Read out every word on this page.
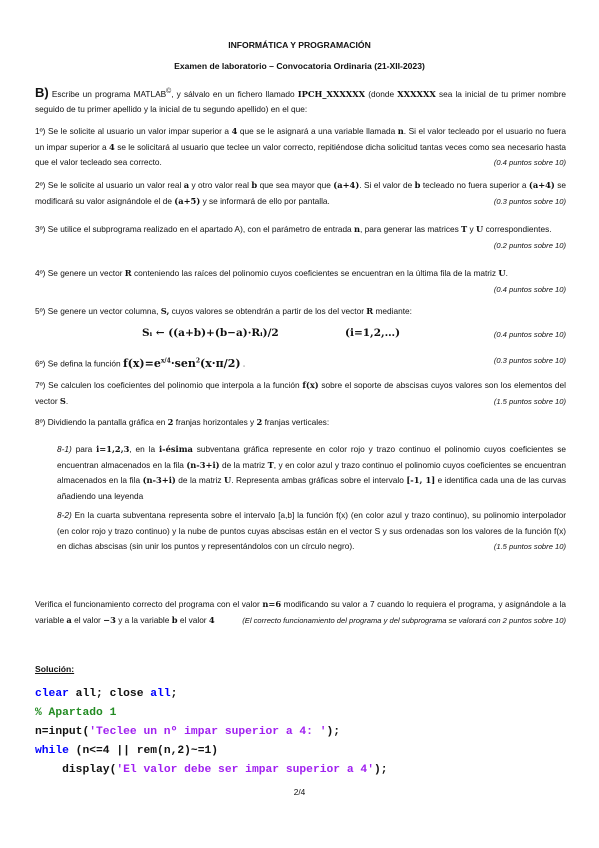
INFORMÁTICA Y PROGRAMACIÓN
Examen de laboratorio – Convocatoria Ordinaria (21-XII-2023)
B) Escribe un programa MATLAB©, y sálvalo en un fichero llamado IPCH_XXXXXX (donde XXXXXX sea la inicial de tu primer nombre seguido de tu primer apellido y la inicial de tu segundo apellido) en el que:
1º) Se le solicite al usuario un valor impar superior a 4 que se le asignará a una variable llamada n. Si el valor tecleado por el usuario no fuera un impar superior a 4 se le solicitará al usuario que teclee un valor correcto, repitiéndose dicha solicitud tantas veces como sea necesario hasta que el valor tecleado sea correcto.	(0.4 puntos sobre 10)
2º) Se le solicite al usuario un valor real a y otro valor real b que sea mayor que (a+4). Si el valor de b tecleado no fuera superior a (a+4) se modificará su valor asignándole el de (a+5) y se informará de ello por pantalla.	(0.3 puntos sobre 10)
3º) Se utilice el subprograma realizado en el apartado A), con el parámetro de entrada n, para generar las matrices T y U correspondientes.
(0.2 puntos sobre 10)
4º) Se genere un vector R conteniendo las raíces del polinomio cuyos coeficientes se encuentran en la última fila de la matriz U.
(0.4 puntos sobre 10)
5º) Se genere un vector columna, S, cuyos valores se obtendrán a partir de los del vector R mediante:
Sᵢ ← ((a+b)+(b−a)·Rᵢ)/2	(i=1,2,…)	(0.4 puntos sobre 10)
6º) Se defina la función $f(x)=e^{x/4}\cdot sen^2(x\cdot\pi/2)$ .	(0.3 puntos sobre 10)
7º) Se calculen los coeficientes del polinomio que interpola a la función f(x) sobre el soporte de abscisas cuyos valores son los elementos del vector S.	(1.5 puntos sobre 10)
8º) Dividiendo la pantalla gráfica en 2 franjas horizontales y 2 franjas verticales:
8-1) para i=1,2,3, en la i-ésima subventana gráfica represente en color rojo y trazo continuo el polinomio cuyos coeficientes se encuentran almacenados en la fila (n-3+i) de la matriz T, y en color azul y trazo continuo el polinomio cuyos coeficientes se encuentran almacenados en la fila (n-3+i) de la matriz U. Representa ambas gráficas sobre el intervalo [-1, 1] e identifica cada una de las curvas añadiendo una leyenda
8-2) En la cuarta subventana representa sobre el intervalo [a,b] la función f(x) (en color azul y trazo continuo), su polinomio interpolador (en color rojo y trazo continuo) y la nube de puntos cuyas abscisas están en el vector S y sus ordenadas son los valores de la función f(x) en dichas abscisas (sin unir los puntos y representándolos con un círculo negro).	(1.5 puntos sobre 10)
Verifica el funcionamiento correcto del programa con el valor n=6 modificando su valor a 7 cuando lo requiera el programa, y asignándole a la variable a el valor −3 y a la variable b el valor 4	(El correcto funcionamiento del programa y del subprograma se valorará con 2 puntos sobre 10)
Solución:
clear all; close all;
% Apartado 1
n=input('Teclee un nº impar superior a 4: ');
while (n<=4 || rem(n,2)~=1)
display('El valor debe ser impar superior a 4');
2/4
